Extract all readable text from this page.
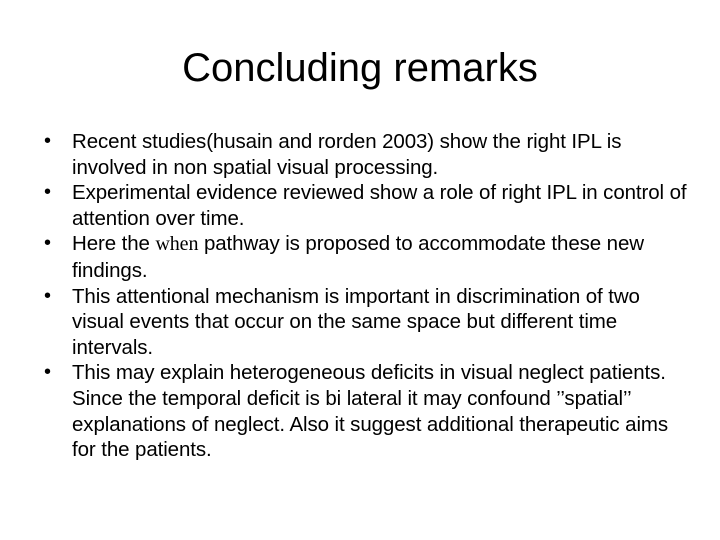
Concluding remarks
•	Recent studies(husain and rorden 2003) show the right IPL is involved in non spatial visual processing.
•	Experimental evidence reviewed show a role of right IPL in control of attention over time.
•	Here the when pathway is proposed to accommodate these new findings.
•	This attentional mechanism is important in discrimination of two visual events that occur on the same space but different time intervals.
•	This may explain heterogeneous deficits in visual neglect patients. Since the temporal deficit is bi lateral it may confound ’’spatial’’ explanations of neglect. Also it suggest additional therapeutic aims for the patients.
